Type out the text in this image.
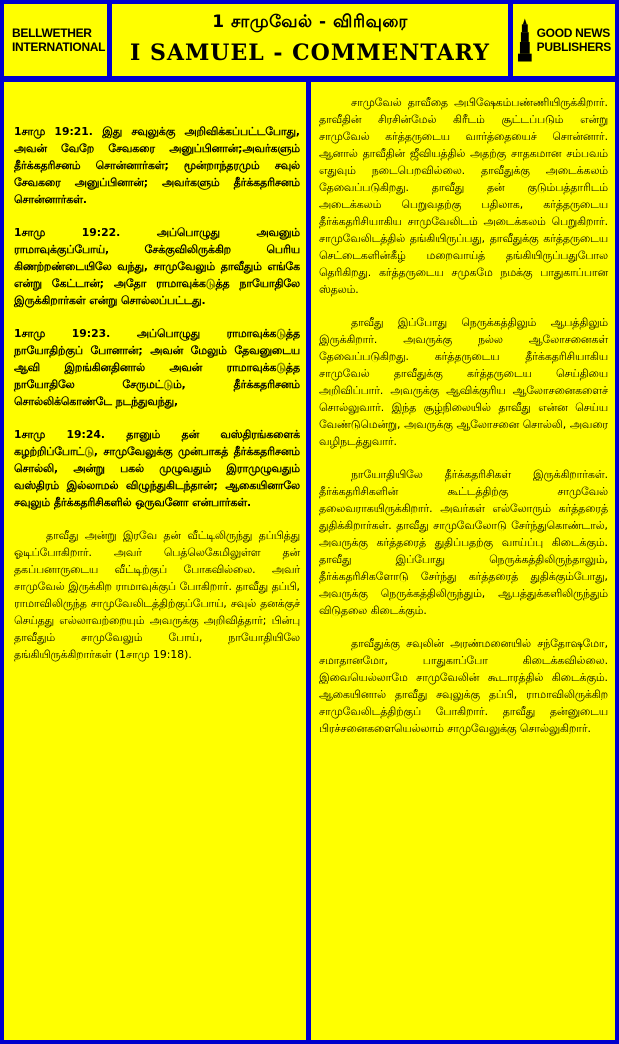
BELLWETHER
INTERNATIONAL
1 சாமுவேல் - விரிவுரை
I SAMUEL - COMMENTARY
GOOD NEWS
PUBLISHERS

1சாமு 19:21. இது சவுலுக்கு அறிவிக்கப்பட்டபோது, அவன் வேறே சேவகரை அனுப்பினான்;அவர்களும் தீர்க்கதரிசனம் சொன்னார்கள்; மூன்றாந்தரமும் சவுல் சேவகரை அனுப்பினான்; அவர்களும் தீர்க்கதரிசனம் சொன்னார்கள்.

1சாமு 19:22. அப்பொழுது அவனும் ராமாவுக்குப்போய், சேக்குவிலிருக்கிற பெரிய கிணற்றண்டையிலே வந்து, சாமுவேலும் தாவீதும் எங்கே என்று கேட்டான்; அதோ ராமாவுக்கடுத்த நாயோதிலே இருக்கிறார்கள் என்று சொல்லப்பட்டது.

1சாமு 19:23. அப்பொழுது ராமாவுக்கடுத்த நாயோதிற்குப் போனான்; அவன் மேலும் தேவனுடைய ஆவி இறங்கினதினால் அவன் ராமாவுக்கடுத்த நாயோதிலே சேருமட்டும், தீர்க்கதரிசனம் சொல்லிக்கொண்டே நடந்துவந்து,

1சாமு 19:24. தானும் தன் வஸ்திரங்களைக் கழற்றிப்போட்டு, சாமுவேலுக்கு முன்பாகத் தீர்க்கதரிசனம் சொல்லி, அன்று பகல் முழுவதும் இராமுழுவதும் வஸ்திரம் இல்லாமல் விழுந்துகிடந்தான்; ஆகையினாலே சவுலும் தீர்க்கதரிசிகளில் ஒருவனோ என்பார்கள்.

தாவீது அன்று இரவே தன் வீட்டிலிருந்து தப்பித்து ஓடிப்போகிறார். அவர் பெத்லெகேமிலுள்ள தன் தகப்பனாருடைய வீட்டிற்குப் போகவில்லை. அவர் சாமுவேல் இருக்கிற ராமாவுக்குப் போகிறார். தாவீது தப்பி, ராமாவிலிருந்த சாமுவேலிடத்திற்குப்போய், சவுல் தனக்குச் செய்தது எல்லாவற்றையும் அவருக்கு அறிவித்தார்; பின்பு தாவீதும் சாமுவேலும் போய், நாயோதியிலே தங்கியிருக்கிறார்கள் (1சாமு 19:18).

சாமுவேல் தாவீதை அபிஷேகம்பண்ணியிருக்கிறார். தாவீதின் சிரசின்மேல் கிரீடம் சூட்டப்படும் என்று சாமுவேல் கர்த்தருடைய வார்த்தையைச் சொன்னார். ஆனால் தாவீதின் ஜீவியத்தில் அதற்கு சாதகமான சம்பவம் எதுவும் நடைபெறவில்லை. தாவீதுக்கு அடைக்கலம் தேவைப்படுகிறது. தாவீது தன் குடும்பத்தாரிடம் அடைக்கலம் பெறுவதற்கு பதிலாக, கர்த்தருடைய தீர்க்கதரிசியாகிய சாமுவேலிடம் அடைக்கலம் பெறுகிறார். சாமுவேலிடத்தில் தங்கியிருப்பது, தாவீதுக்கு கர்த்தருடைய செட்டைகளின்கீழ் மறைவாய்த் தங்கியிருப்பதுபோல தெரிகிறது. கர்த்தருடைய சமுகமே நமக்கு பாதுகாப்பான ஸ்தலம்.

தாவீது இப்போது நெருக்கத்திலும் ஆபத்திலும் இருக்கிறார். அவருக்கு நல்ல ஆலோசனைகள் தேவைப்படுகிறது. கர்த்தருடைய தீர்க்கதரிசியாகிய சாமுவேல் தாவீதுக்கு கர்த்தருடைய செய்தியை அறிவிப்பார். அவருக்கு ஆவிக்குரிய ஆலோசனைகளைச் சொல்லுவார். இந்த சூழ்நிலையில் தாவீது என்ன செய்ய வேண்டுமென்று, அவருக்கு ஆலோசனை சொல்லி, அவரை வழிநடத்துவார்.

நாயோதியிலே தீர்க்கதரிசிகள் இருக்கிறார்கள். தீர்க்கதரிசிகளின் கூட்டத்திற்கு சாமுவேல் தலைவராகயிருக்கிறார். அவர்கள் எல்லோரும் கர்த்தரைத் துதிக்கிறார்கள். தாவீது சாமுவேலோடு சேர்ந்துகொண்டால், அவருக்கு கர்த்தரைத் துதிப்பதற்கு வாய்ப்பு கிடைக்கும். தாவீது இப்போது நெருக்கத்திலிருந்தாலும், தீர்க்கதரிசிகளோடு சேர்ந்து கர்த்தரைத் துதிக்கும்போது, அவருக்கு நெருக்கத்திலிருந்தும், ஆபத்துக்களிலிருந்தும் விடுதலை கிடைக்கும்.

தாவீதுக்கு சவுலின் அரண்மனையில் சந்தோஷமோ, சமாதானமோ, பாதுகாப்போ கிடைக்கவில்லை. இவையெல்லாமே சாமுவேலின் கூடாரத்தில் கிடைக்கும். ஆகையினால் தாவீது சவுலுக்கு தப்பி, ராமாவிலிருக்கிற சாமுவேலிடத்திற்குப் போகிறார். தாவீது தன்னுடைய பிரச்சனைகளையெல்லாம் சாமுவேலுக்கு சொல்லுகிறார்.
